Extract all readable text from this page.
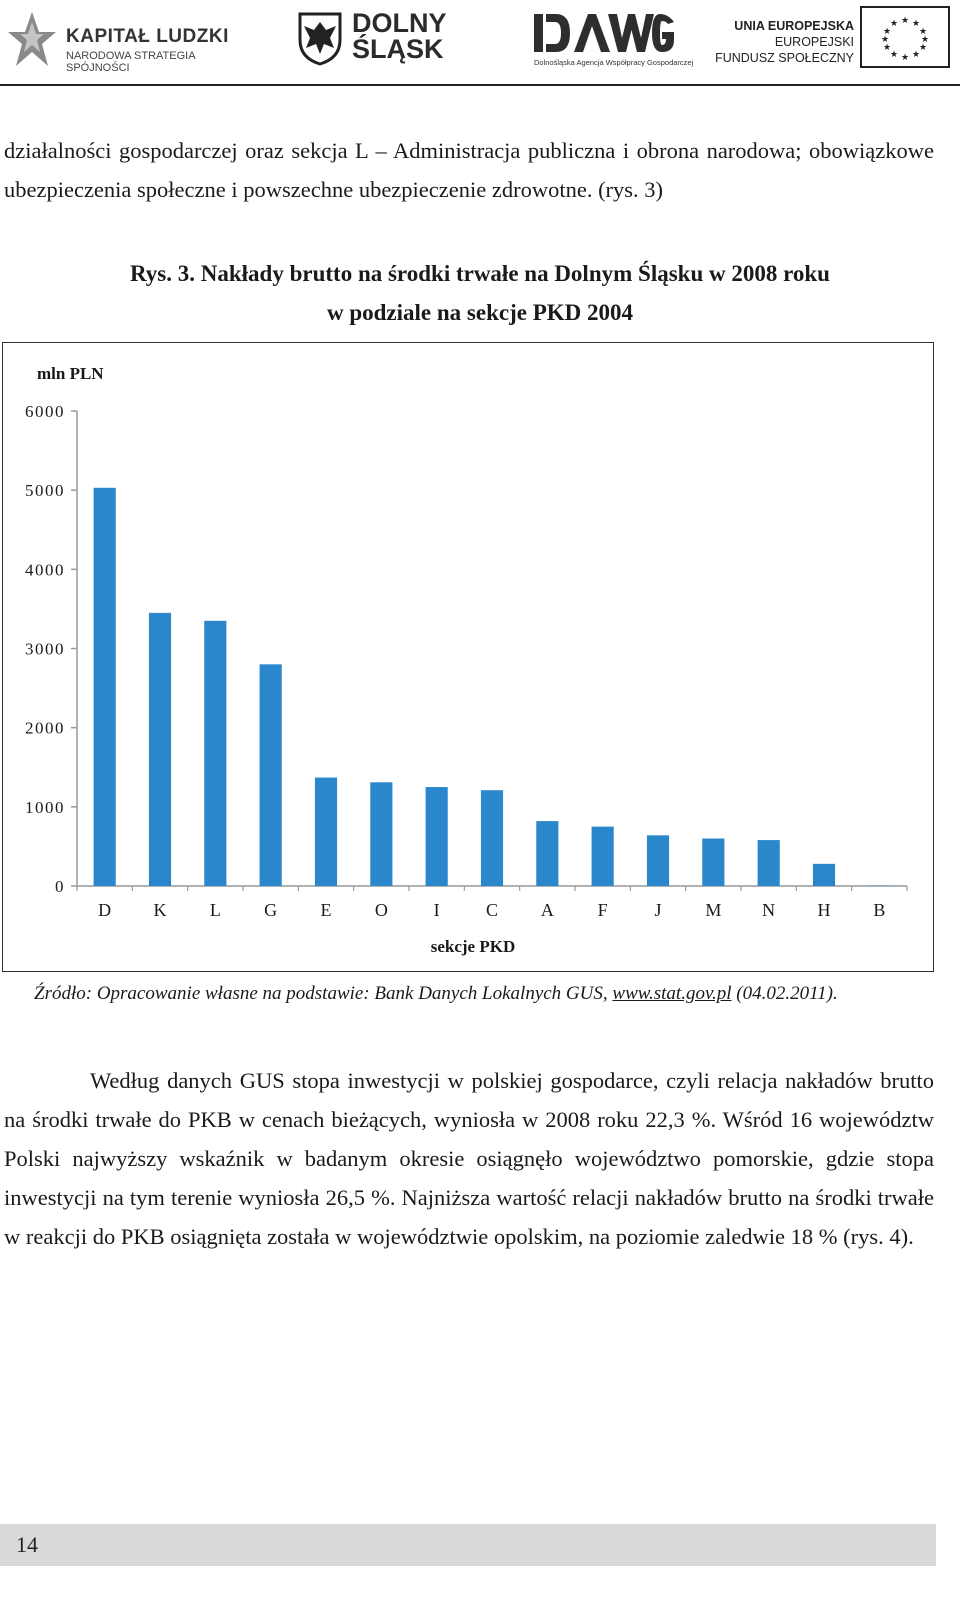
KAPITAŁ LUDZKI
NARODOWA STRATEGIA SPÓJNOŚCI
DOLNY
ŚLĄSK	Dolnośląska Agencja Współpracy Gospodarczej
UNIA EUROPEJSKA
EUROPEJSKI
FUNDUSZ SPOŁECZNY
★ ★
★
★
★
★
★
★
★
★
★
★
działalności gospodarczej oraz sekcja L – Administracja publiczna i obrona narodowa; obowiązkowe ubezpieczenia społeczne i powszechne ubezpieczenie zdrowotne. (rys. 3)
Rys. 3. Nakłady brutto na środki trwałe na Dolnym Śląsku w 2008 roku
w podziale na sekcje PKD 2004
mln PLN
0
1000
2000
3000
4000
5000
6000
D K L G E O	I	C A F	J M N H B
sekcje PKD
Źródło: Opracowanie własne na podstawie: Bank Danych Lokalnych GUS, www.stat.gov.pl (04.02.2011).
Według danych GUS stopa inwestycji w polskiej gospodarce, czyli relacja nakładów brutto na środki trwałe do PKB w cenach bieżących, wyniosła w 2008 roku 22,3 %. Wśród 16 województw Polski najwyższy wskaźnik w badanym okresie osiągnęło województwo pomorskie, gdzie stopa inwestycji na tym terenie wyniosła 26,5 %. Najniższa wartość relacji nakładów brutto na środki trwałe w reakcji do PKB osiągnięta została w województwie opolskim, na poziomie zaledwie 18 % (rys. 4).
14
